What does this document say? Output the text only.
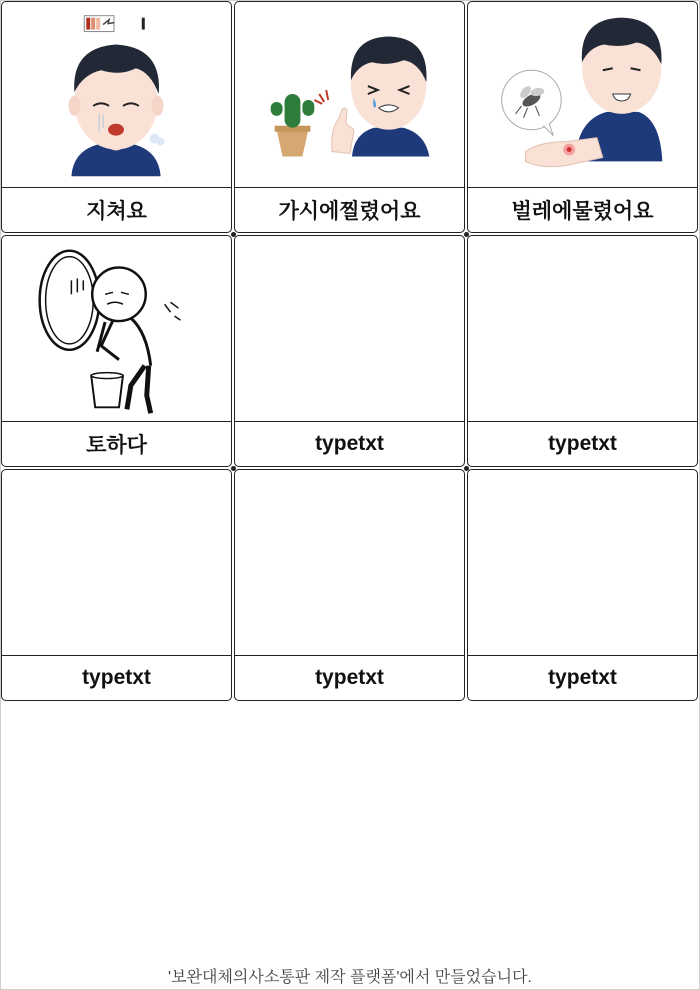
지쳐요	가시에찔렸어요	벌레에물렸어요
토하다	typetxt	typetxt
typetxt	typetxt	typetxt
'보완대체의사소통판 제작 플랫폼'에서 만들었습니다.
